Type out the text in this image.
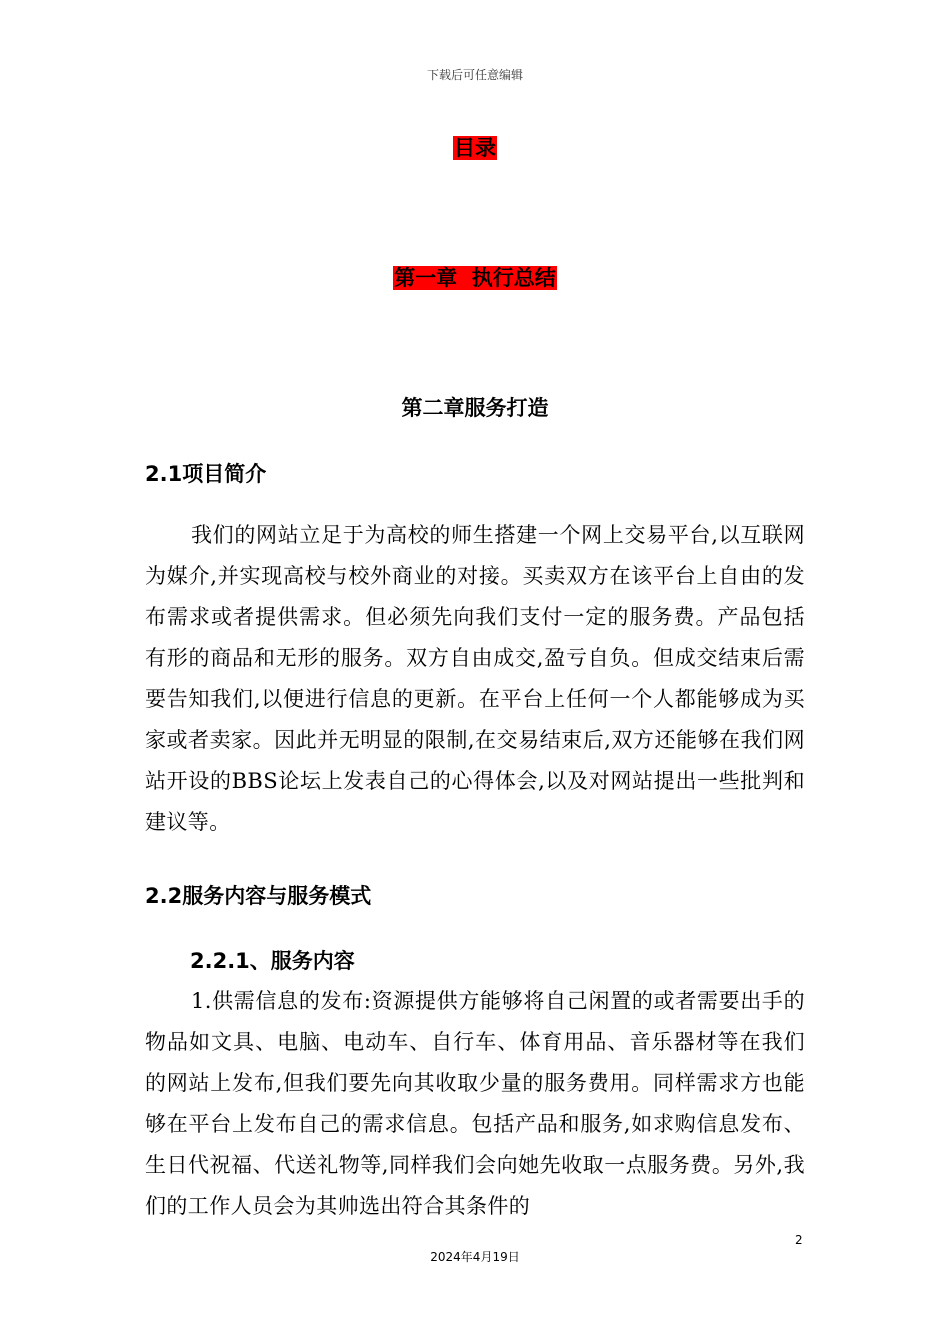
下载后可任意编辑
目录
第一章  执行总结
第二章服务打造
2.1项目简介

我们的网站立足于为高校的师生搭建一个网上交易平台,以互联网为媒介,并实现高校与校外商业的对接。买卖双方在该平台上自由的发布需求或者提供需求。但必须先向我们支付一定的服务费。产品包括有形的商品和无形的服务。双方自由成交,盈亏自负。但成交结束后需要告知我们,以便进行信息的更新。在平台上任何一个人都能够成为买家或者卖家。因此并无明显的限制,在交易结束后,双方还能够在我们网站开设的BBS论坛上发表自己的心得体会,以及对网站提出一些批判和建议等。

2.2服务内容与服务模式
2.2.1、服务内容

1.供需信息的发布:资源提供方能够将自己闲置的或者需要出手的物品如文具、电脑、电动车、自行车、体育用品、音乐器材等在我们的网站上发布,但我们要先向其收取少量的服务费用。同样需求方也能够在平台上发布自己的需求信息。包括产品和服务,如求购信息发布、生日代祝福、代送礼物等,同样我们会向她先收取一点服务费。另外,我们的工作人员会为其帅选出符合其条件的

2
2024年4月19日
